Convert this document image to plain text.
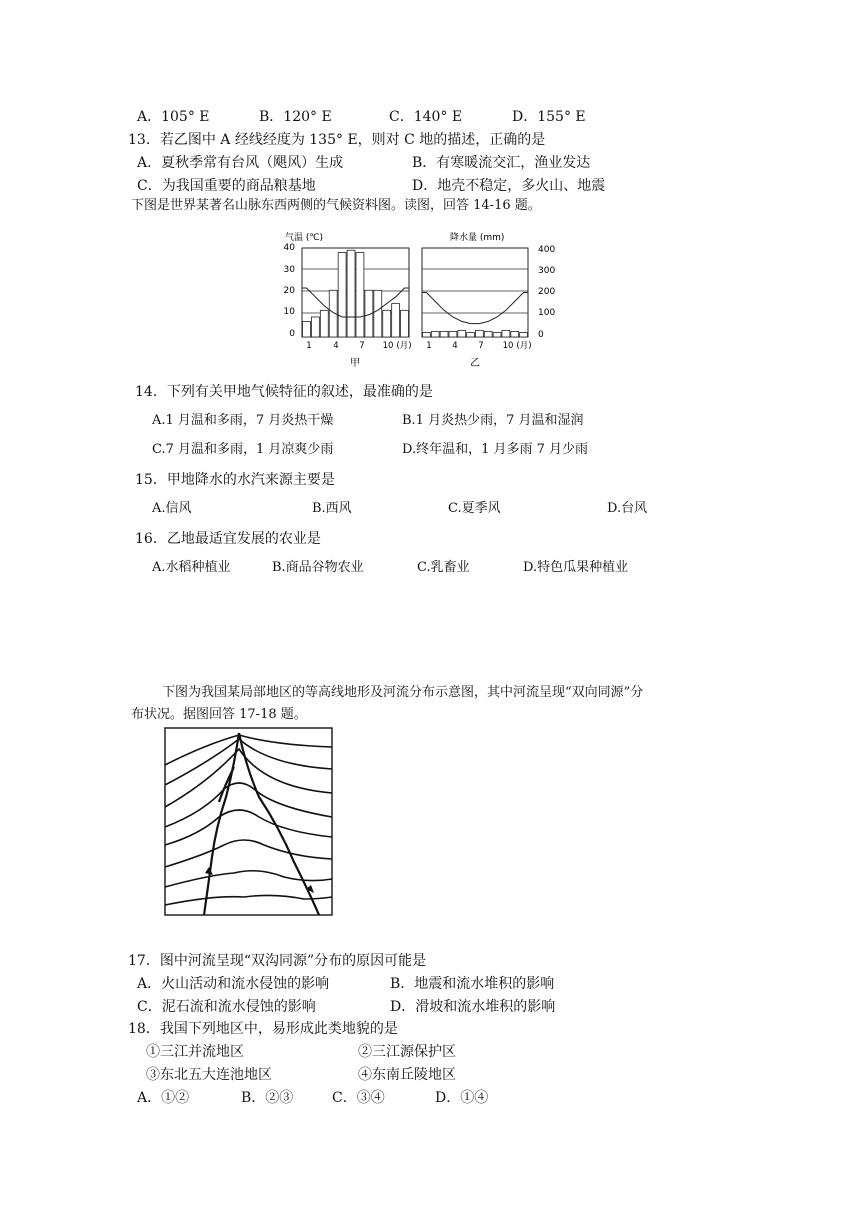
A．105° E	B．120° E	C．140° E	D．155° E
13．若乙图中 A 经线经度为 135° E，则对 C 地的描述，正确的是
A．夏秋季常有台风（飓风）生成	B．有寒暖流交汇，渔业发达
C．为我国重要的商品粮基地	D．地壳不稳定，多火山、地震
下图是世界某著名山脉东西两侧的气候资料图。读图，回答 14-16 题。
气温 (℃)	降水量 (mm)
40
30
20
10
0
400
300
200
100
0
1	4 7 10 (月) 1 4 7 10 (月)
甲	乙
14．下列有关甲地气候特征的叙述，最准确的是
A.1 月温和多雨，7 月炎热干燥	B.1 月炎热少雨，7 月温和湿润
C.7 月温和多雨，1 月凉爽少雨	D.终年温和，1 月多雨 7 月少雨
15．甲地降水的水汽来源主要是
A.信风	B.西风	C.夏季风	D.台风
16．乙地最适宜发展的农业是
A.水稻种植业	B.商品谷物农业	C.乳畜业	D.特色瓜果种植业
下图为我国某局部地区的等高线地形及河流分布示意图，其中河流呈现“双向同源”分
布状况。据图回答 17-18 题。
17．图中河流呈现“双沟同源”分布的原因可能是
A．火山活动和流水侵蚀的影响	B．地震和流水堆积的影响
C．泥石流和流水侵蚀的影响	D．滑坡和流水堆积的影响
18．我国下列地区中，易形成此类地貌的是
①三江并流地区	②三江源保护区
③东北五大连池地区	④东南丘陵地区
A．①②	B．②③	C．③④	D．①④
